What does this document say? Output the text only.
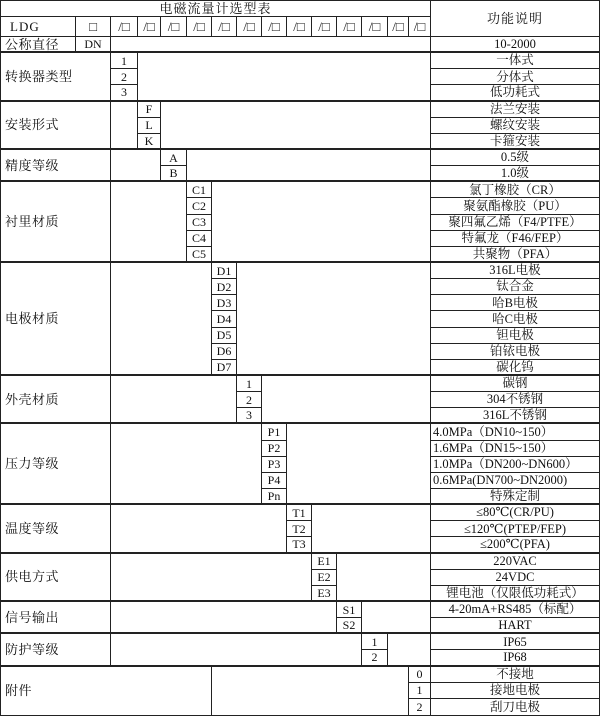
电磁流量计选型表
功能说明
LDG	□	/□	/□	/□	/□	/□	/□	/□	/□	/□	/□	/□ /□ /□
公称直径	DN	10-2000
转换器类型
1	一体式
2	分体式
3	低功耗式
安装形式
F	法兰安装
L	螺纹安装
K	卡箍安装
精度等级
A	0.5级
B	1.0级
衬里材质
C1	氯丁橡胶（CR）
C2	聚氨酯橡胶（PU）
C3	聚四氟乙烯（F4/PTFE）
C4	特氟龙（F46/FEP）
C5	共聚物（PFA）
电极材质
D1	316L电极
D2	钛合金
D3	哈B电极
D4	哈C电极
D5	钽电极
D6	铂铱电极
D7	碳化钨
外壳材质
1	碳钢
2	304不锈钢
3	316L不锈钢
压力等级
P1	4.0MPa（DN10~150）
P2	1.6MPa（DN15~150）
P3	1.0MPa（DN200~DN600）
P4	0.6MPa(DN700~DN2000)
Pn	特殊定制
温度等级
T1	≤80℃(CR/PU)
T2	≤120℃(PTEP/FEP)
T3	≤200℃(PFA)
供电方式
E1	220VAC
E2	24VDC
E3	锂电池（仅限低功耗式）
信号输出
S1	4-20mA+RS485（标配）
S2	HART
防护等级
1	IP65
2	IP68
附件
0	不接地
1	接地电极
2	刮刀电极
